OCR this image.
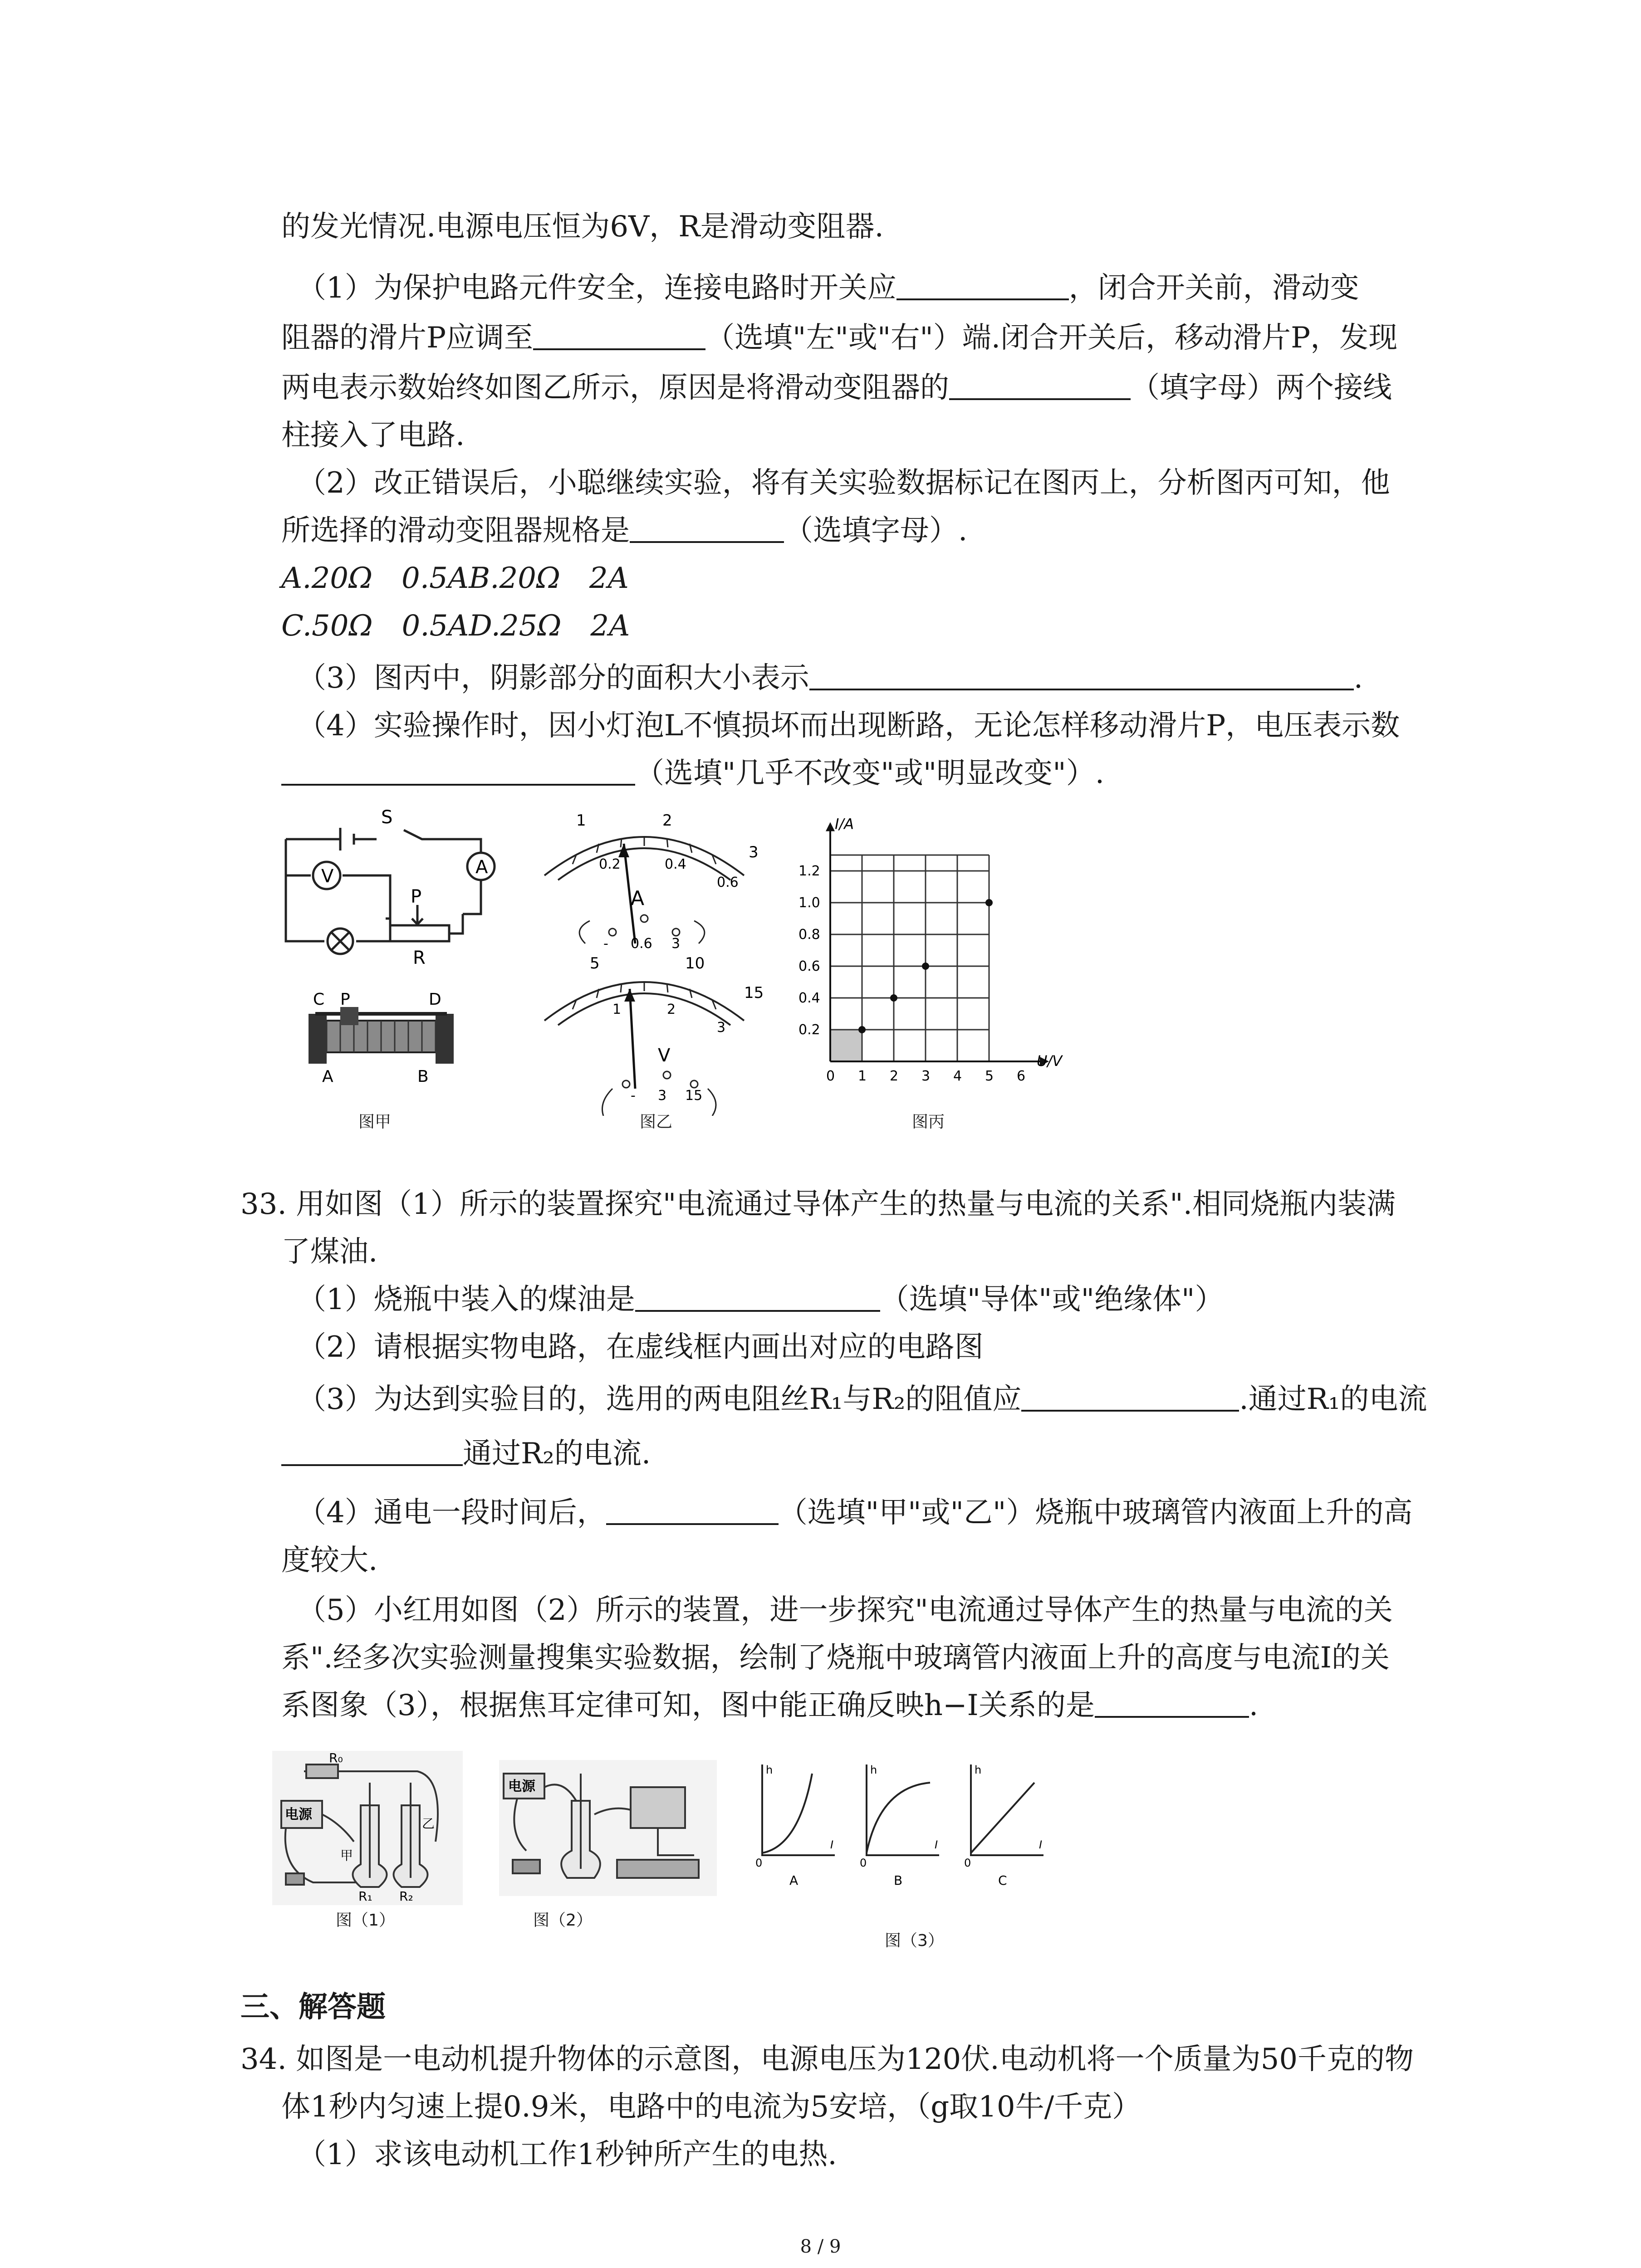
的发光情况.电源电压恒为6V，R是滑动变阻器.
（1）为保护电路元件安全，连接电路时开关应	，闭合开关前，滑动变
阻器的滑片P应调至	（选填"左"或"右"）端.闭合开关后，移动滑片P，发现
两电表示数始终如图乙所示，原因是将滑动变阻器的	（填字母）两个接线
柱接入了电路.
（2）改正错误后，小聪继续实验，将有关实验数据标记在图丙上，分析图丙可知，他
所选择的滑动变阻器规格是	（选填字母）.
A.20Ω　0.5AB.20Ω　2A
C.50Ω　0.5AD.25Ω　2A
（3）图丙中，阴影部分的面积大小表示	.
（4）实验操作时，因小灯泡L不慎损坏而出现断路，无论怎样移动滑片P，电压表示数
（选填"几乎不改变"或"明显改变"）.
S
A
V
P
R
C P	D
A	B
图甲
1	2
3
0.2	0.4
0.6
A
- 0.6 3
5	10
15
1	2
3
V
- 3 15
图乙
0 1 2 3 4 5 6
0.2
0.4
0.6
0.8
1.0
1.2
U/V
I/A
图丙
33. 用如图（1）所示的装置探究"电流通过导体产生的热量与电流的关系".相同烧瓶内装满
了煤油.
（1）烧瓶中装入的煤油是	（选填"导体"或"绝缘体"）
（2）请根据实物电路，在虚线框内画出对应的电路图
（3）为达到实验目的，选用的两电阻丝R₁与R₂的阻值应	.通过R₁的电流
通过R₂的电流.
（4）通电一段时间后，	（选填"甲"或"乙"）烧瓶中玻璃管内液面上升的高
度较大.
（5）小红用如图（2）所示的装置，进一步探究"电流通过导体产生的热量与电流的关
系".经多次实验测量搜集实验数据，绘制了烧瓶中玻璃管内液面上升的高度与电流I的关
系图象（3），根据焦耳定律可知，图中能正确反映h−I关系的是	.
电源
R₀
甲
乙
R₁ R₂
图（1）
电源
图（2）
h
I
0
h
I
0
h
I
0
A	B	C
图（3）
三、解答题
34. 如图是一电动机提升物体的示意图，电源电压为120伏.电动机将一个质量为50千克的物
体1秒内匀速上提0.9米，电路中的电流为5安培，（g取10牛/千克）
（1）求该电动机工作1秒钟所产生的电热.
8 / 9
